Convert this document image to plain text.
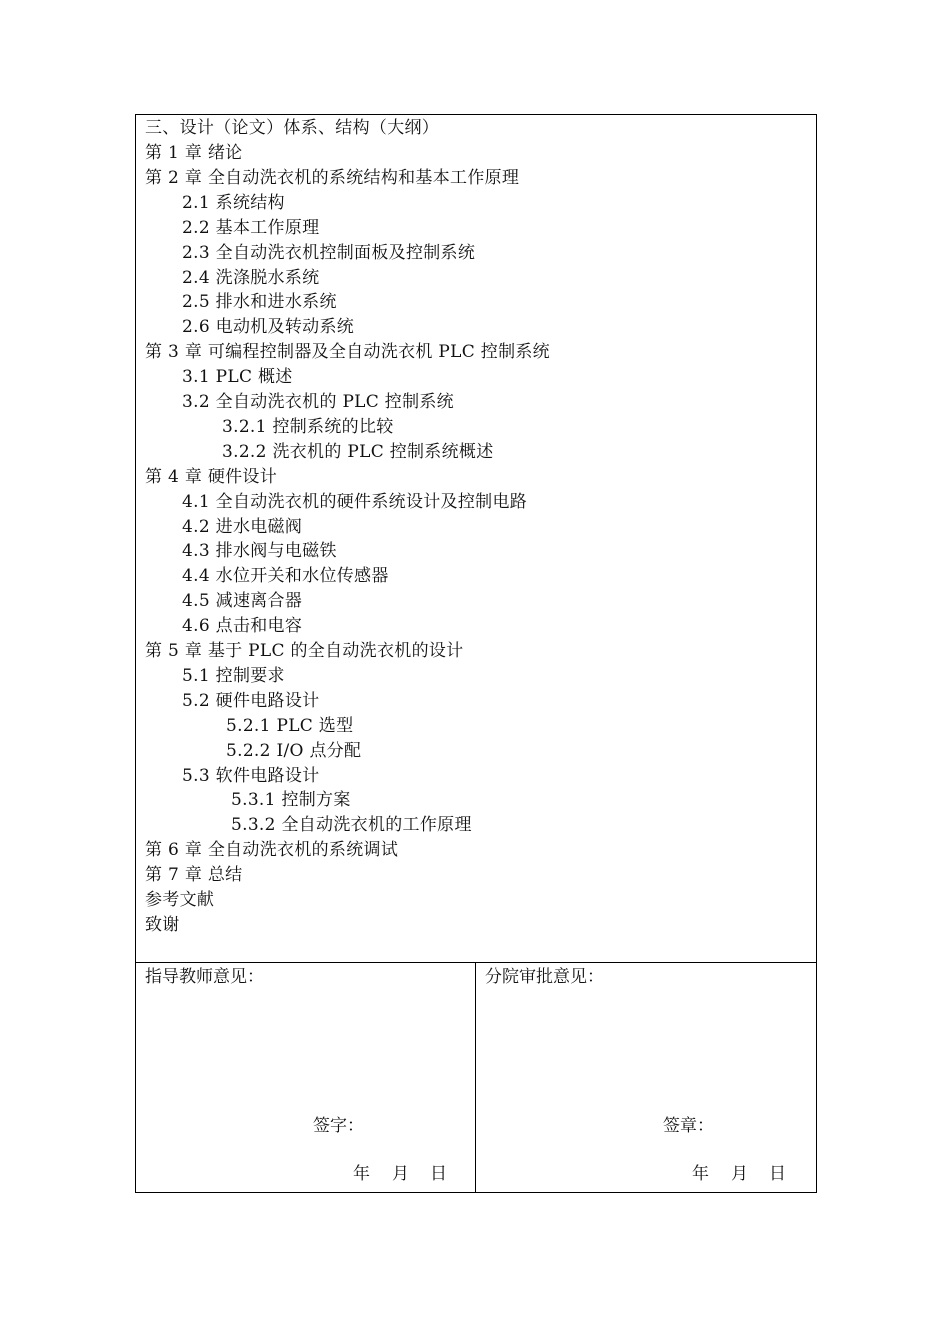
三、设计（论文）体系、结构（大纲）
第 1 章 绪论
第 2 章 全自动洗衣机的系统结构和基本工作原理
2.1 系统结构
2.2 基本工作原理
2.3 全自动洗衣机控制面板及控制系统
2.4 洗涤脱水系统
2.5 排水和进水系统
2.6 电动机及转动系统
第 3 章 可编程控制器及全自动洗衣机 PLC 控制系统
3.1 PLC 概述
3.2 全自动洗衣机的 PLC 控制系统
3.2.1 控制系统的比较
3.2.2 洗衣机的 PLC 控制系统概述
第 4 章 硬件设计
4.1 全自动洗衣机的硬件系统设计及控制电路
4.2 进水电磁阀
4.3 排水阀与电磁铁
4.4 水位开关和水位传感器
4.5 减速离合器
4.6 点击和电容
第 5 章 基于 PLC 的全自动洗衣机的设计
5.1 控制要求
5.2 硬件电路设计
5.2.1 PLC 选型
5.2.2 I/O 点分配
5.3 软件电路设计
5.3.1 控制方案
5.3.2 全自动洗衣机的工作原理
第 6 章 全自动洗衣机的系统调试
第 7 章 总结
参考文献
致谢
指导教师意见：
签字：
年 月 日
分院审批意见：
签章：
年 月 日
